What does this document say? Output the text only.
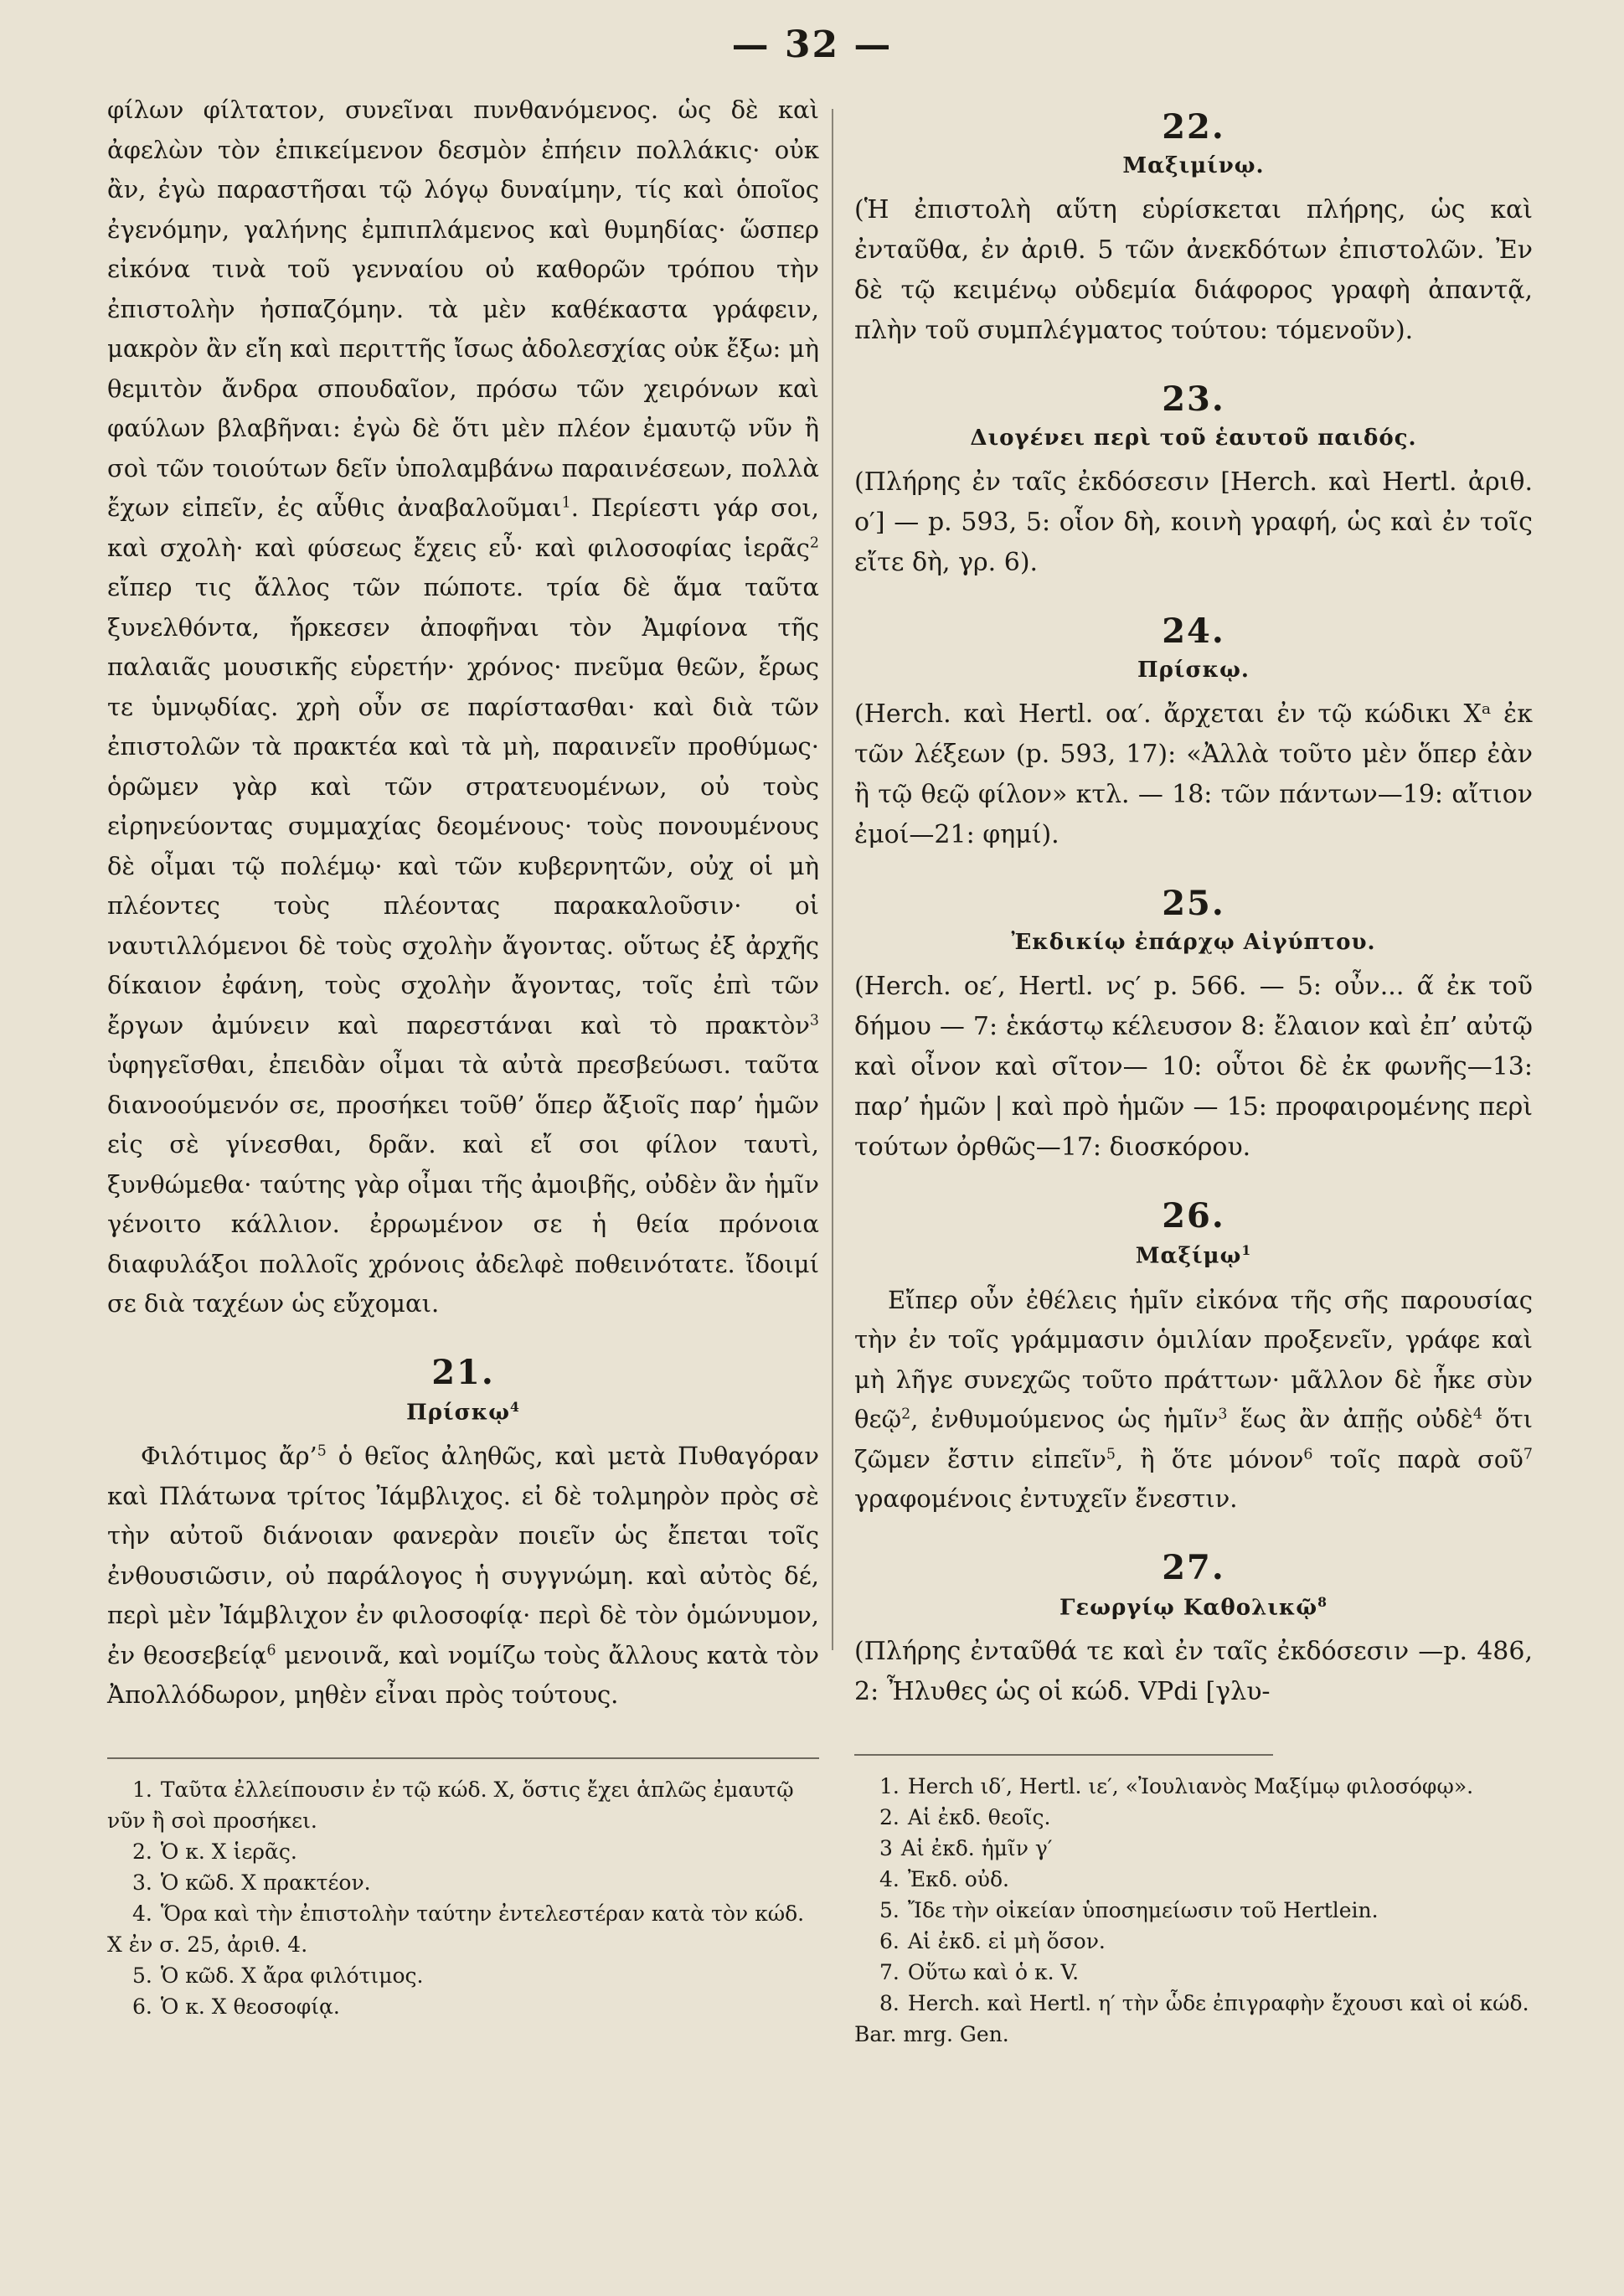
— 32 —

φίλων φίλτατον, συνεῖναι πυνθανόμενος. ὡς δὲ καὶ ἀφελὼν τὸν ἐπικείμενον δεσμὸν ἐπήειν πολλάκις· οὐκ ἂν, ἐγὼ παραστῆσαι τῷ λόγῳ δυναίμην, τίς καὶ ὁποῖος ἐγενόμην, γαλήνης ἐμπιπλάμενος καὶ θυμηδίας· ὥσπερ εἰκόνα τινὰ τοῦ γενναίου οὐ καθορῶν τρόπου τὴν ἐπιστολὴν ἠσπαζόμην. τὰ μὲν καθέκαστα γράφειν, μακρὸν ἂν εἴη καὶ περιττῆς ἴσως ἀδολεσχίας οὐκ ἔξω: μὴ θεμιτὸν ἄνδρα σπουδαῖον, πρόσω τῶν χειρόνων καὶ φαύλων βλαβῆναι: ἐγὼ δὲ ὅτι μὲν πλέον ἐμαυτῷ νῦν ἢ σοὶ τῶν τοιούτων δεῖν ὑπολαμβάνω παραινέσεων, πολλὰ ἔχων εἰπεῖν, ἐς αὖθις ἀναβαλοῦμαι$^1$. Περίεστι γάρ σοι, καὶ σχολὴ· καὶ φύσεως ἔχεις εὖ· καὶ φιλοσοφίας ἱερᾶς$^2$ εἴπερ τις ἄλλος τῶν πώποτε. τρία δὲ ἅμα ταῦτα ξυνελθόντα, ἤρκεσεν ἀποφῆναι τὸν Ἀμφίονα τῆς παλαιᾶς μουσικῆς εὑρετήν· χρόνος· πνεῦμα θεῶν, ἔρως τε ὑμνῳδίας. χρὴ οὖν σε παρίστασθαι· καὶ διὰ τῶν ἐπιστολῶν τὰ πρακτέα καὶ τὰ μὴ, παραινεῖν προθύμως· ὁρῶμεν γὰρ καὶ τῶν στρατευομένων, οὐ τοὺς εἰρηνεύοντας συμμαχίας δεομένους· τοὺς πονουμένους δὲ οἶμαι τῷ πολέμῳ· καὶ τῶν κυβερνητῶν, οὐχ οἱ μὴ πλέοντες τοὺς πλέοντας παρακαλοῦσιν· οἱ ναυτιλλόμενοι δὲ τοὺς σχολὴν ἄγοντας. οὕτως ἐξ ἀρχῆς δίκαιον ἐφάνη, τοὺς σχολὴν ἄγοντας, τοῖς ἐπὶ τῶν ἔργων ἀμύνειν καὶ παρεστάναι καὶ τὸ πρακτὸν$^3$ ὑφηγεῖσθαι, ἐπειδὰν οἶμαι τὰ αὐτὰ πρεσβεύωσι. ταῦτα διανοούμενόν σε, προσήκει τοῦθ’ ὅπερ ἄξιοῖς παρ’ ἡμῶν εἰς σὲ γίνεσθαι, δρᾶν. καὶ εἴ σοι φίλον ταυτὶ, ξυνθώμεθα· ταύτης γὰρ οἶμαι τῆς ἀμοιβῆς, οὐδὲν ἂν ἡμῖν γένοιτο κάλλιον. ἐρρωμένον σε ἡ θεία πρόνοια διαφυλάξοι πολλοῖς χρόνοις ἀδελφὲ ποθεινότατε. ἴδοιμί σε διὰ ταχέων ὡς εὔχομαι.

21.
Πρίσκῳ$^4$

Φιλότιμος ἄρ’$^5$ ὁ θεῖος ἀληθῶς, καὶ μετὰ Πυθαγόραν καὶ Πλάτωνα τρίτος Ἰάμβλιχος. εἰ δὲ τολμηρὸν πρὸς σὲ τὴν αὐτοῦ διάνοιαν φανερὰν ποιεῖν ὡς ἔπεται τοῖς ἐνθουσιῶσιν, οὐ παράλογος ἡ συγγνώμη. καὶ αὐτὸς δέ, περὶ μὲν Ἰάμβλιχον ἐν φιλοσοφίᾳ· περὶ δὲ τὸν ὁμώνυμον, ἐν θεοσεβείᾳ$^6$ μενοινᾶ, καὶ νομίζω τοὺς ἄλλους κατὰ τὸν Ἀπολλόδωρον, μηθὲν εἶναι πρὸς τούτους.

1. Ταῦτα ἐλλείπουσιν ἐν τῷ κώδ. X, ὅστις ἔχει ἁπλῶς ἐμαυτῷ νῦν ἢ σοὶ προσήκει.
2. Ὁ κ. X ἱερᾶς.
3. Ὁ κῶδ. X πρακτέον.
4. Ὅρα καὶ τὴν ἐπιστολὴν ταύτην ἐντελεστέραν κατὰ τὸν κώδ. X ἐν σ. 25, ἀριθ. 4.
5. Ὁ κῶδ. X ἄρα φιλότιμος.
6. Ὁ κ. X θεοσοφίᾳ.
22.
Μαξιμίνῳ.

(Ἡ ἐπιστολὴ αὕτη εὑρίσκεται πλήρης, ὡς καὶ ἐνταῦθα, ἐν ἀριθ. 5 τῶν ἀνεκδότων ἐπιστολῶν. Ἐν δὲ τῷ κειμένῳ οὐδεμία διάφορος γραφὴ ἀπαντᾷ, πλὴν τοῦ συμπλέγματος τούτου: τόμενοῦν).

23.
Διογένει περὶ τοῦ ἑαυτοῦ παιδός.

(Πλήρης ἐν ταῖς ἐκδόσεσιν [Herch. καὶ Hertl. ἀριθ. ο′] — p. 593, 5: οἷον δὴ, κοινὴ γραφή, ὡς καὶ ἐν τοῖς εἴτε δὴ, γρ. 6).

24.
Πρίσκῳ.

(Herch. καὶ Hertl. οα′. ἄρχεται ἐν τῷ κώδικι Xᵃ ἐκ τῶν λέξεων (p. 593, 17): «Ἀλλὰ τοῦτο μὲν ὅπερ ἐὰν ἢ τῷ θεῷ φίλον» κτλ. — 18: τῶν πάντων—19: αἴτιον ἐμοί—21: φημί).

25.
Ἐκδικίῳ ἐπάρχῳ Αἰγύπτου.

(Herch. οε′, Hertl. νς′ p. 566. — 5: οὖν... α᷉ ἐκ τοῦ δήμου — 7: ἑκάστῳ κέλευσον 8: ἔλαιον καὶ ἐπ’ αὐτῷ καὶ οἶνον καὶ σῖτον— 10: οὗτοι δὲ ἐκ φωνῆς—13: παρ’ ἡμῶν | καὶ πρὸ ἡμῶν — 15: προφαιρομένης περὶ τούτων ὀρθῶς—17: διοσκόρου.

26.
Μαξίμῳ$^1$

Εἴπερ οὖν ἐθέλεις ἡμῖν εἰκόνα τῆς σῆς παρουσίας τὴν ἐν τοῖς γράμμασιν ὁμιλίαν προξενεῖν, γράφε καὶ μὴ λῆγε συνεχῶς τοῦτο πράττων· μᾶλλον δὲ ἧκε σὺν θεῷ$^2$, ἐνθυμούμενος ὡς ἡμῖν$^3$ ἕως ἂν ἀπῇς οὐδὲ$^4$ ὅτι ζῶμεν ἔστιν εἰπεῖν$^5$, ἢ ὅτε μόνον$^6$ τοῖς παρὰ σοῦ$^7$ γραφομένοις ἐντυχεῖν ἔνεστιν.

27.
Γεωργίῳ Καθολικῷ$^8$

(Πλήρης ἐνταῦθά τε καὶ ἐν ταῖς ἐκδόσεσιν —p. 486, 2: Ἦλυθες ὡς οἱ κώδ. VPdi [γλυ-

1. Herch ιδ′, Hertl. ιε′, «Ἰουλιανὸς Μαξίμῳ φιλοσόφῳ».
2. Αἱ ἐκδ. θεοῖς.
3 Αἱ ἐκδ. ἡμῖν γ′
4. Ἐκδ. οὐδ.
5. Ἴδε τὴν οἰκείαν ὑποσημείωσιν τοῦ Hertlein.
6. Αἱ ἐκδ. εἰ μὴ ὅσον.
7. Οὕτω καὶ ὁ κ. V.
8. Herch. καὶ Hertl. η′ τὴν ὧδε ἐπιγραφὴν ἔχουσι καὶ οἱ κώδ. Bar. mrg. Gen.
